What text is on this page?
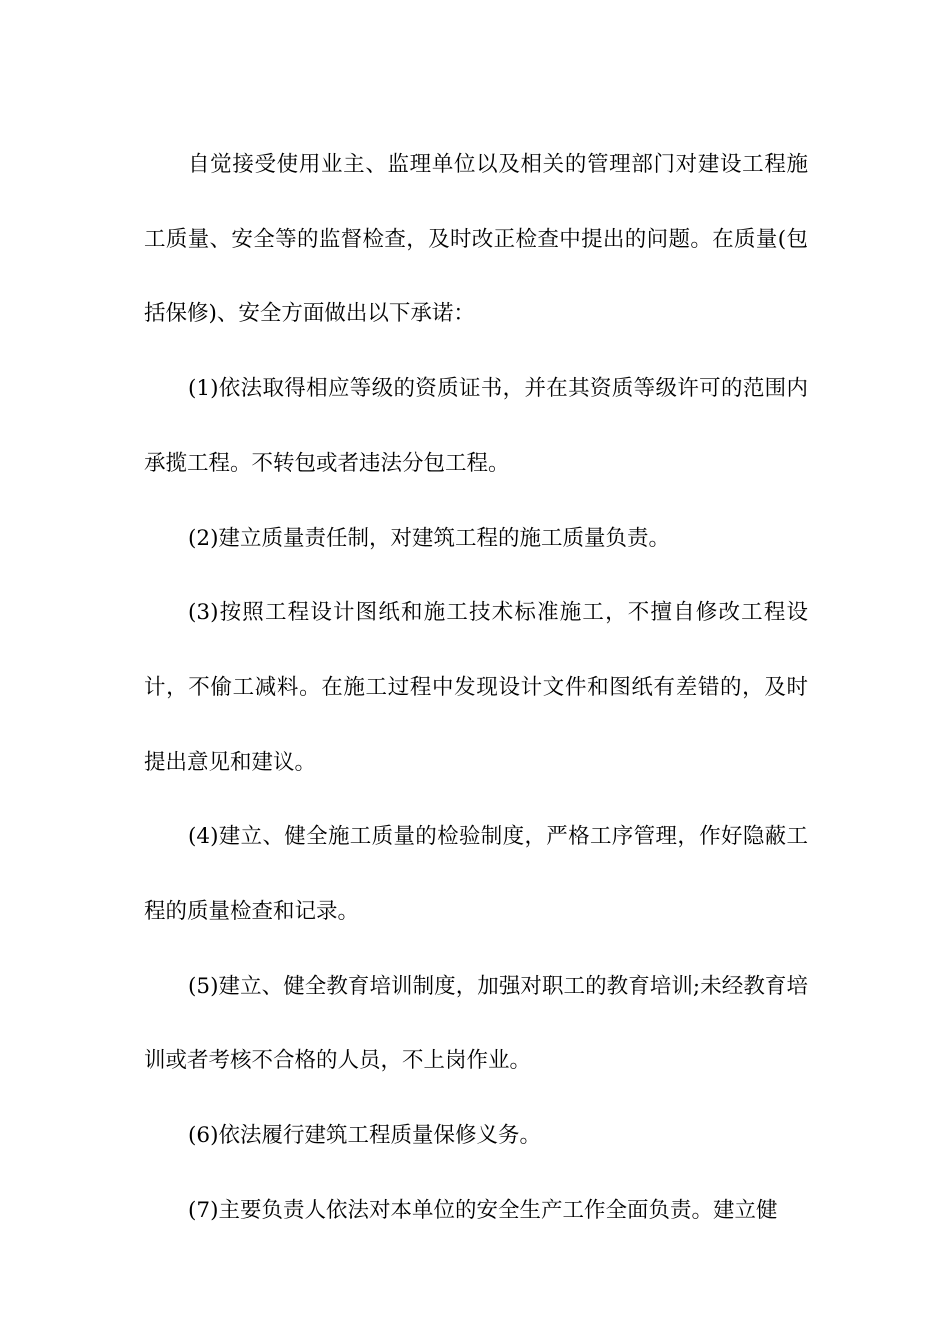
自觉接受使用业主、监理单位以及相关的管理部门对建设工程施工质量、安全等的监督检查，及时改正检查中提出的问题。在质量(包括保修)、安全方面做出以下承诺：

(1)依法取得相应等级的资质证书，并在其资质等级许可的范围内承揽工程。不转包或者违法分包工程。

(2)建立质量责任制，对建筑工程的施工质量负责。

(3)按照工程设计图纸和施工技术标准施工，不擅自修改工程设计，不偷工减料。在施工过程中发现设计文件和图纸有差错的，及时提出意见和建议。

(4)建立、健全施工质量的检验制度，严格工序管理，作好隐蔽工程的质量检查和记录。

(5)建立、健全教育培训制度，加强对职工的教育培训;未经教育培训或者考核不合格的人员，不上岗作业。

(6)依法履行建筑工程质量保修义务。

(7)主要负责人依法对本单位的安全生产工作全面负责。建立健
